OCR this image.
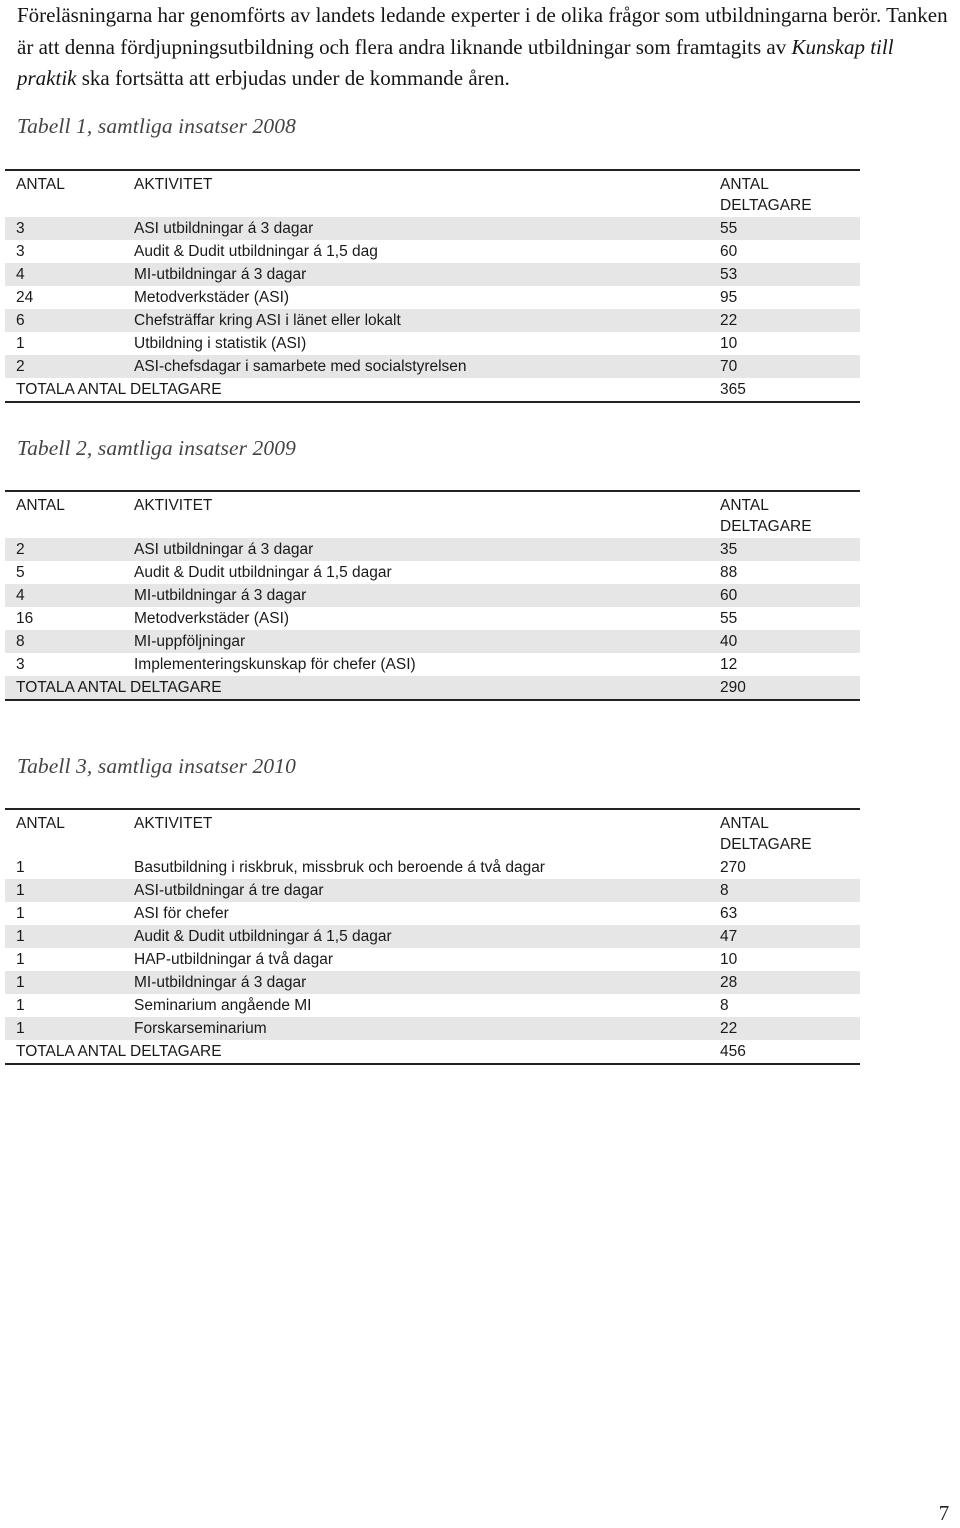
Föreläsningarna har genomförts av landets ledande experter i de olika frågor som utbildningarna berör. Tanken är att denna fördjupningsutbildning och flera andra liknande utbildningar som framtagits av Kunskap till praktik ska fortsätta att erbjudas under de kommande åren.
Tabell 1, samtliga insatser 2008
ANTAL	AKTIVITET	ANTAL DELTAGARE
3	ASI utbildningar á 3 dagar	55
3	Audit & Dudit utbildningar á 1,5 dag	60
4	MI-utbildningar á 3 dagar	53
24	Metodverkstäder (ASI)	95
6	Chefsträffar kring ASI i länet eller lokalt	22
1	Utbildning i statistik (ASI)	10
2	ASI-chefsdagar i samarbete med socialstyrelsen	70
TOTALA ANTAL DELTAGARE	365
Tabell 2, samtliga insatser 2009
ANTAL	AKTIVITET	ANTAL DELTAGARE
2	ASI utbildningar á 3 dagar	35
5	Audit & Dudit utbildningar á 1,5 dagar	88
4	MI-utbildningar á 3 dagar	60
16	Metodverkstäder (ASI)	55
8	MI-uppföljningar	40
3	Implementeringskunskap för chefer (ASI)	12
TOTALA ANTAL DELTAGARE	290
Tabell 3, samtliga insatser 2010
ANTAL	AKTIVITET	ANTAL DELTAGARE
1	Basutbildning i riskbruk, missbruk och beroende á två dagar	270
1	ASI-utbildningar á tre dagar	8
1	ASI för chefer	63
1	Audit & Dudit utbildningar á 1,5 dagar	47
1	HAP-utbildningar á två dagar	10
1	MI-utbildningar á 3 dagar	28
1	Seminarium angående MI	8
1	Forskarseminarium	22
TOTALA ANTAL DELTAGARE	456
7
